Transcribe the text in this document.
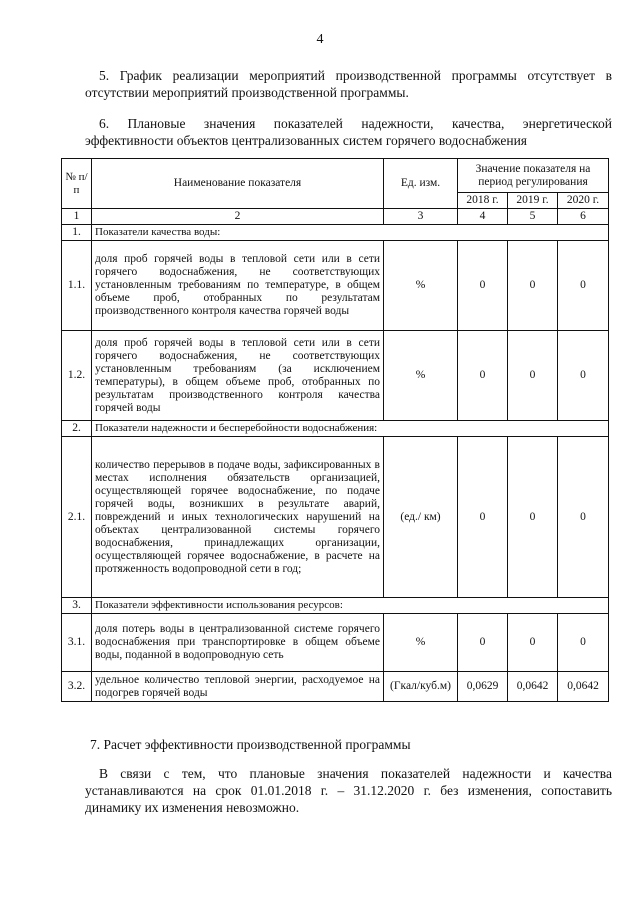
4

5. График реализации мероприятий производственной программы отсутствует в отсутствии мероприятий производственной программы.

6. Плановые значения показателей надежности, качества, энергетической эффективности объектов централизованных систем горячего водоснабжения

№ п/п	Наименование показателя	Ед. изм.	Значение показателя на период регулирования		
			2018 г.	2019 г.	2020 г.
1	2	3	4	5	6
1.	Показатели качества воды:				
1.1.	доля проб горячей воды в тепловой сети или в сети горячего водоснабжения, не соответствующих установленным требованиям по температуре, в общем объеме проб, отобранных по результатам производственного контроля качества горячей воды	%	0	0	0
1.2.	доля проб горячей воды в тепловой сети или в сети горячего водоснабжения, не соответствующих установленным требованиям (за исключением температуры), в общем объеме проб, отобранных по результатам производственного контроля качества горячей воды	%	0	0	0
2.	Показатели надежности и бесперебойности водоснабжения:				
2.1.	количество перерывов в подаче воды, зафиксированных в местах исполнения обязательств организацией, осуществляющей горячее водоснабжение, по подаче горячей воды, возникших в результате аварий, повреждений и иных технологических нарушений на объектах централизованной системы горячего водоснабжения, принадлежащих организации, осуществляющей горячее водоснабжение, в расчете на протяженность водопроводной сети в год;	(ед./ км)	0	0	0
3.	Показатели эффективности использования ресурсов:				
3.1.	доля потерь воды в централизованной системе горячего водоснабжения при транспортировке в общем объеме воды, поданной в водопроводную сеть	%	0	0	0
3.2.	удельное количество тепловой энергии, расходуемое на подогрев горячей воды	(Гкал/куб.м)	0,0629	0,0642	0,0642

7. Расчет эффективности производственной программы

В связи с тем, что плановые значения показателей надежности и качества устанавливаются на срок 01.01.2018 г. – 31.12.2020 г. без изменения, сопоставить динамику их изменения невозможно.
